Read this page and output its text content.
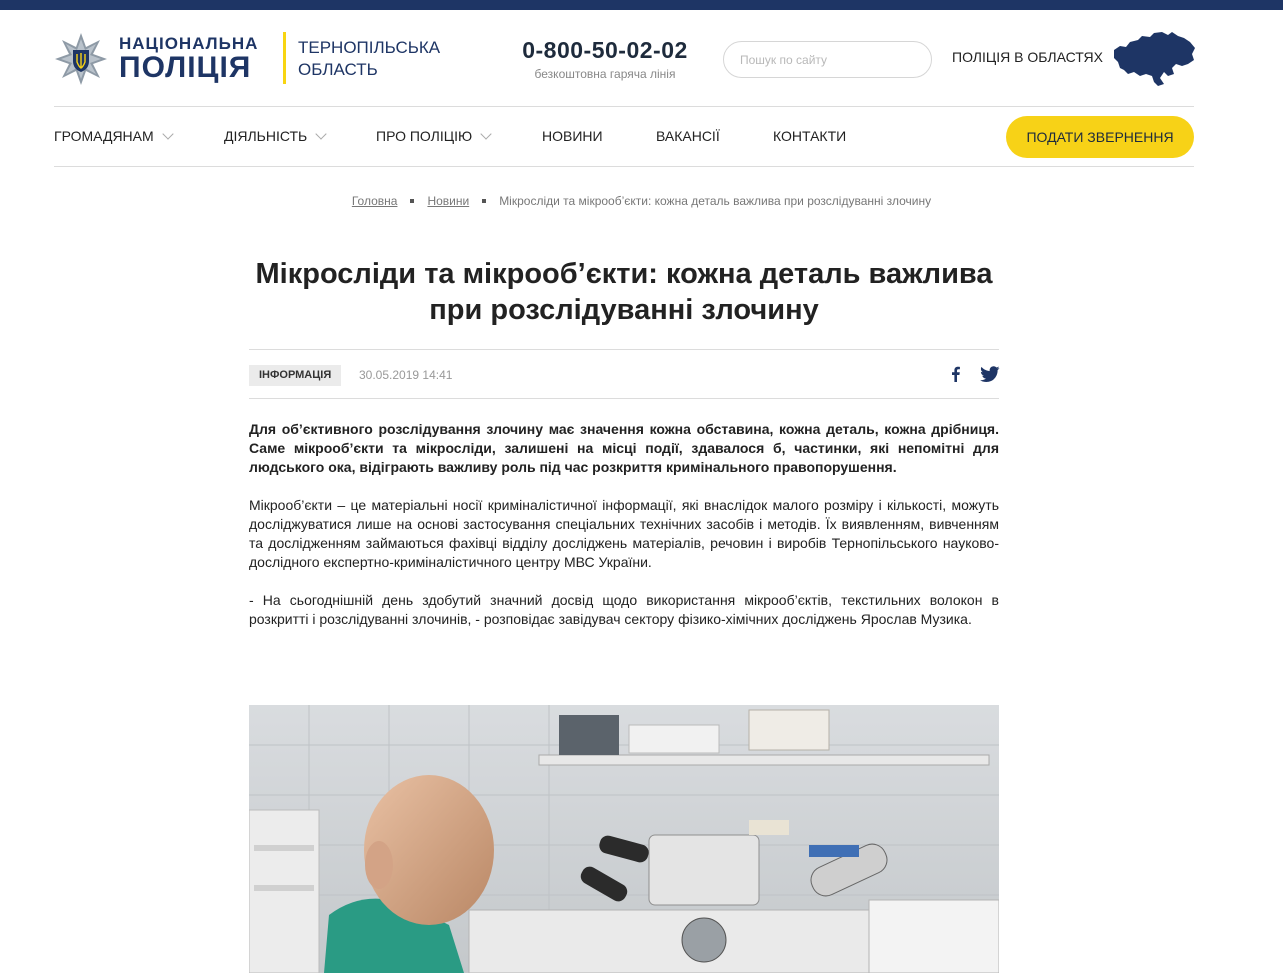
НАЦІОНАЛЬНА
ПОЛІЦІЯ
ТЕРНОПІЛЬСЬКА
ОБЛАСТЬ
0-800-50-02-02
безкоштовна гаряча лінія
Пошук по сайту
ПОЛІЦІЯ В ОБЛАСТЯХ
ГРОМАДЯНАМ	ДІЯЛЬНІСТЬ	ПРО ПОЛІЦІЮ	НОВИНИ	ВАКАНСІЇ	КОНТАКТИ	ПОДАТИ ЗВЕРНЕННЯ
Головна	Новини	Мікросліди та мікрооб’єкти: кожна деталь важлива при розслідуванні злочину
Мікросліди та мікрооб’єкти: кожна деталь важлива при розслідуванні злочину
ІНФОРМАЦІЯ	30.05.2019 14:41

Для об’єктивного розслідування злочину має значення кожна обставина, кожна деталь, кожна дрібниця. Саме мікрооб’єкти та мікросліди, залишені на місці події, здавалося б, частинки, які непомітні для людського ока, відіграють важливу роль під час розкриття кримінального правопорушення.

Мікрооб’єкти – це матеріальні носії криміналістичної інформації, які внаслідок малого розміру і кількості, можуть досліджуватися лише на основі застосування спеціальних технічних засобів і методів. Їх виявленням, вивченням та дослідженням займаються фахівці відділу досліджень матеріалів, речовин і виробів Тернопільського науково-дослідного експертно-криміналістичного центру МВС України.

- На сьогоднішній день здобутий значний досвід щодо використання мікрооб’єктів, текстильних волокон в розкритті і розслідуванні злочинів, - розповідає завідувач сектору фізико-хімічних досліджень Ярослав Музика.
